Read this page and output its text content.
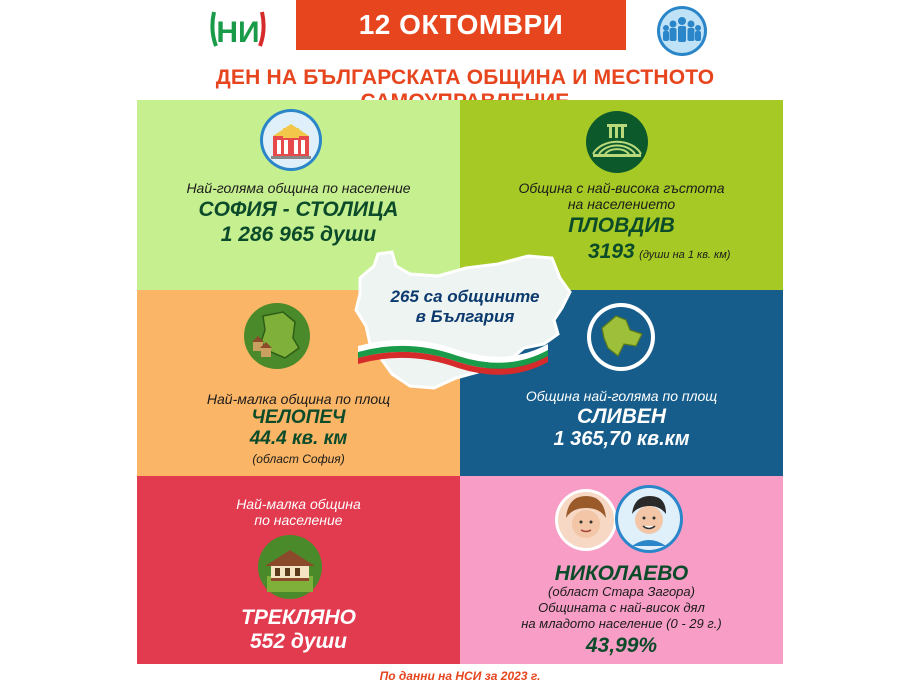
НИ	12 ОКТОМВРИ
ДЕН НА БЪЛГАРСКАТА ОБЩИНА И МЕСТНОТО
Най-голяма община по население
СОФИЯ - СТОЛИЦА
1 286 965 души
Община с най-висока гъстота
на населението
ПЛОВДИВ
3193 (души на 1 кв. км)
Най-малка община по площ
ЧЕЛОПЕЧ
44.4 кв. км
(област София)
Община най-голяма по площ
СЛИВЕН
1 365,70 кв.км
Най-малка община
по население
ТРЕКЛЯНО
552 души
НИКОЛАЕВО
(област Стара Загора)
Общината с най-висок дял
на младото население (0 - 29 г.)
43,99%
265 са общините
в България
По данни на НСИ за 2023 г.
